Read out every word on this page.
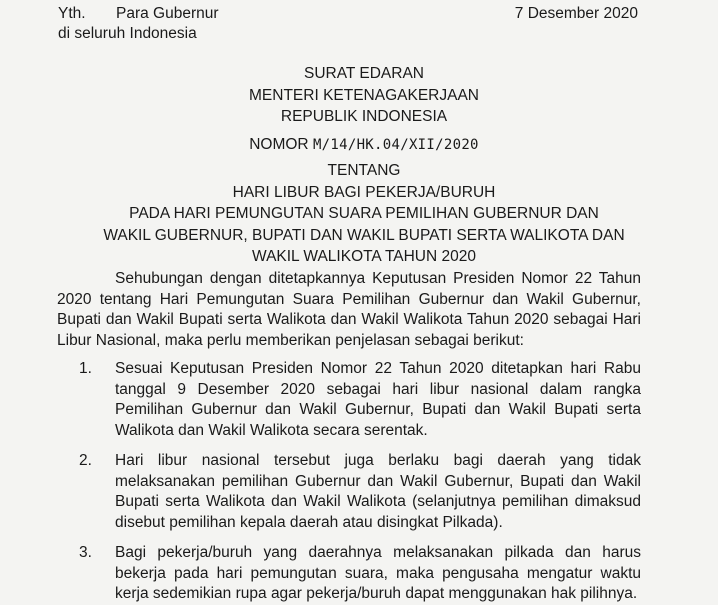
Yth. Para Gubernur
di seluruh Indonesia
7 Desember 2020
SURAT EDARAN
MENTERI KETENAGAKERJAAN
REPUBLIK INDONESIA
NOMOR M/14/HK.04/XII/2020
TENTANG
HARI LIBUR BAGI PEKERJA/BURUH
PADA HARI PEMUNGUTAN SUARA PEMILIHAN GUBERNUR DAN
WAKIL GUBERNUR, BUPATI DAN WAKIL BUPATI SERTA WALIKOTA DAN
WAKIL WALIKOTA TAHUN 2020

Sehubungan dengan ditetapkannya Keputusan Presiden Nomor 22 Tahun 2020 tentang Hari Pemungutan Suara Pemilihan Gubernur dan Wakil Gubernur, Bupati dan Wakil Bupati serta Walikota dan Wakil Walikota Tahun 2020 sebagai Hari Libur Nasional, maka perlu memberikan penjelasan sebagai berikut:

1. Sesuai Keputusan Presiden Nomor 22 Tahun 2020 ditetapkan hari Rabu tanggal 9 Desember 2020 sebagai hari libur nasional dalam rangka Pemilihan Gubernur dan Wakil Gubernur, Bupati dan Wakil Bupati serta Walikota dan Wakil Walikota secara serentak.
2. Hari libur nasional tersebut juga berlaku bagi daerah yang tidak melaksanakan pemilihan Gubernur dan Wakil Gubernur, Bupati dan Wakil Bupati serta Walikota dan Wakil Walikota (selanjutnya pemilihan dimaksud disebut pemilihan kepala daerah atau disingkat Pilkada).
3. Bagi pekerja/buruh yang daerahnya melaksanakan pilkada dan harus bekerja pada hari pemungutan suara, maka pengusaha mengatur waktu kerja sedemikian rupa agar pekerja/buruh dapat menggunakan hak pilihnya.
